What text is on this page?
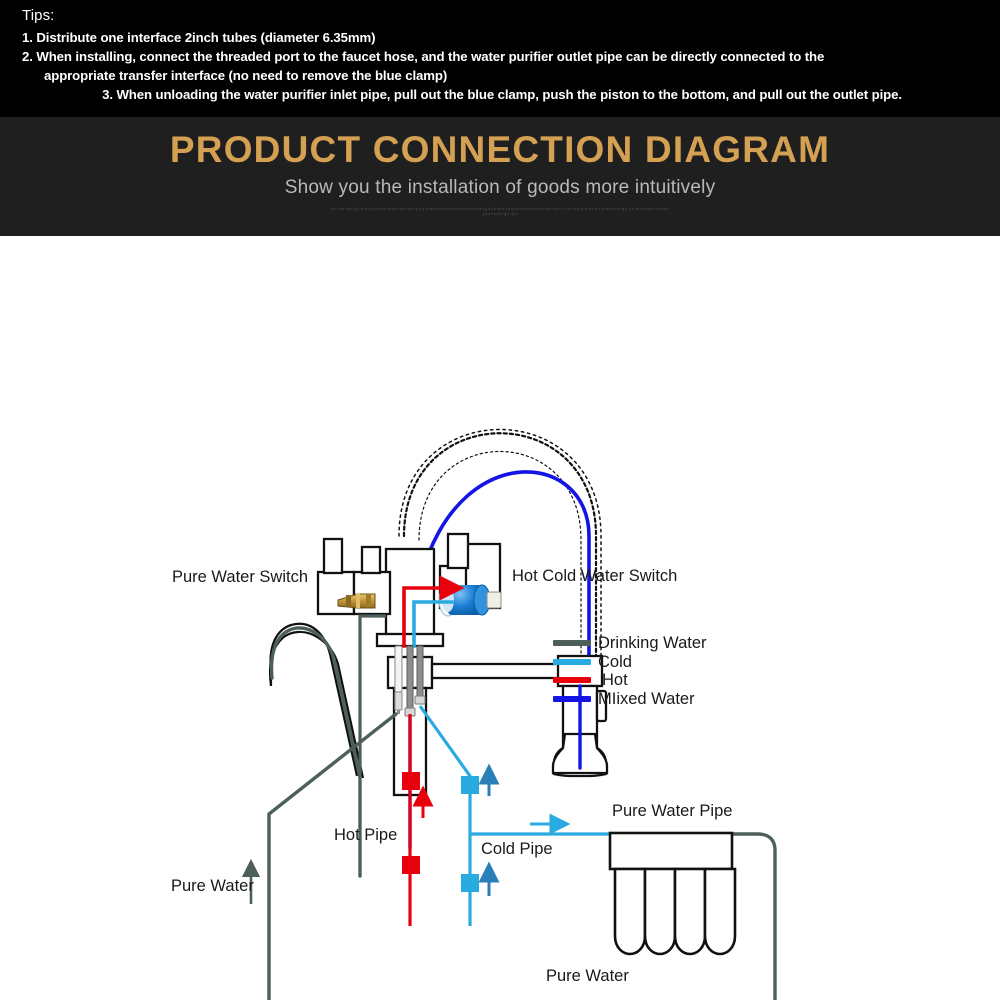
Tips:
1. Distribute one interface 2inch tubes (diameter 6.35mm)
2. When installing, connect the threaded port to the faucet hose, and the water purifier outlet pipe can be directly connected to the
appropriate transfer interface (no need to remove the blue clamp)
3. When unloading the water purifier inlet pipe, pull out the blue clamp, push the piston to the bottom, and pull out the outlet pipe.
PRODUCT CONNECTION DIAGRAM
Show you the installation of goods more intuitively
a b c d e f g h i j k l m n o p q r s t u v w x y z a b c d e f g h i j k l m n o p q r s t u v w x y z a b c d e f g h i j k l m n o p q r s t u v w x y z a b c d e f g h i j k l m n o p q r s t u v w x y z a b c d e f g h i j k l m n o p q r s t u v w x y z a b c d e f g h i j k l
Pure Water Switch	Hot Cold Water Switch
Hot Pipe
Cold Pipe
Pure Water Pipe
Pure Water
Pure Water
Drinking Water
Cold
Hot
MIixed Water
